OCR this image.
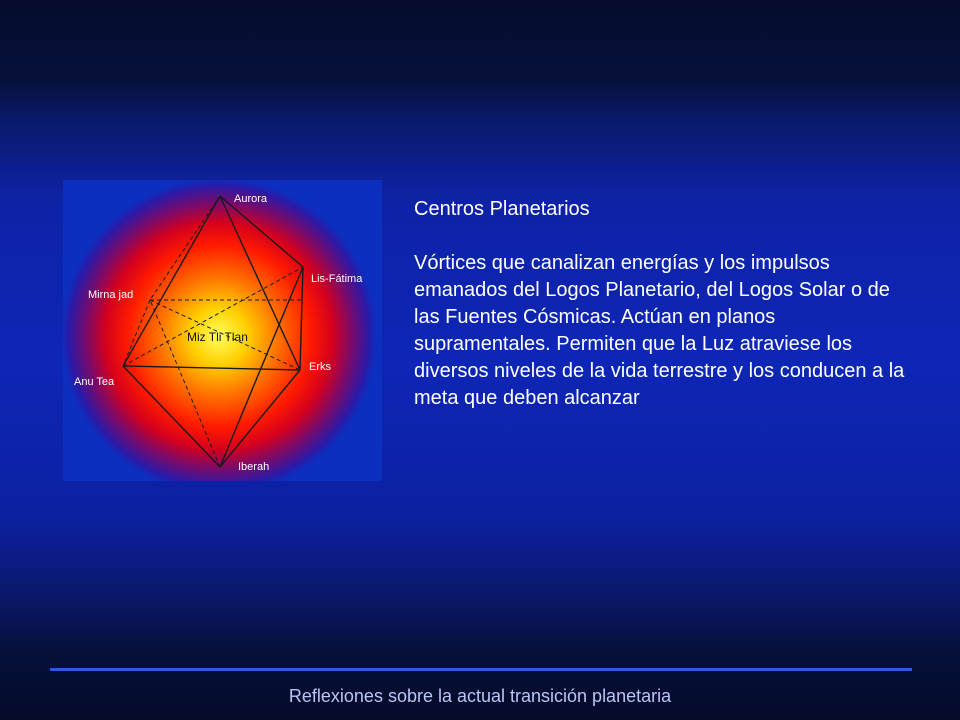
Aurora
Lis-Fátima
Mirna jad
Miz Tli Tlan
Erks
Anu Tea
Iberah

Centros Planetarios

Vórtices que canalizan energías y los impulsos emanados del Logos Planetario, del Logos Solar o de las Fuentes Cósmicas. Actúan en planos supramentales. Permiten que la Luz atraviese los diversos niveles de la vida terrestre y los conducen a la meta que deben alcanzar

Reflexiones sobre la actual transición planetaria
